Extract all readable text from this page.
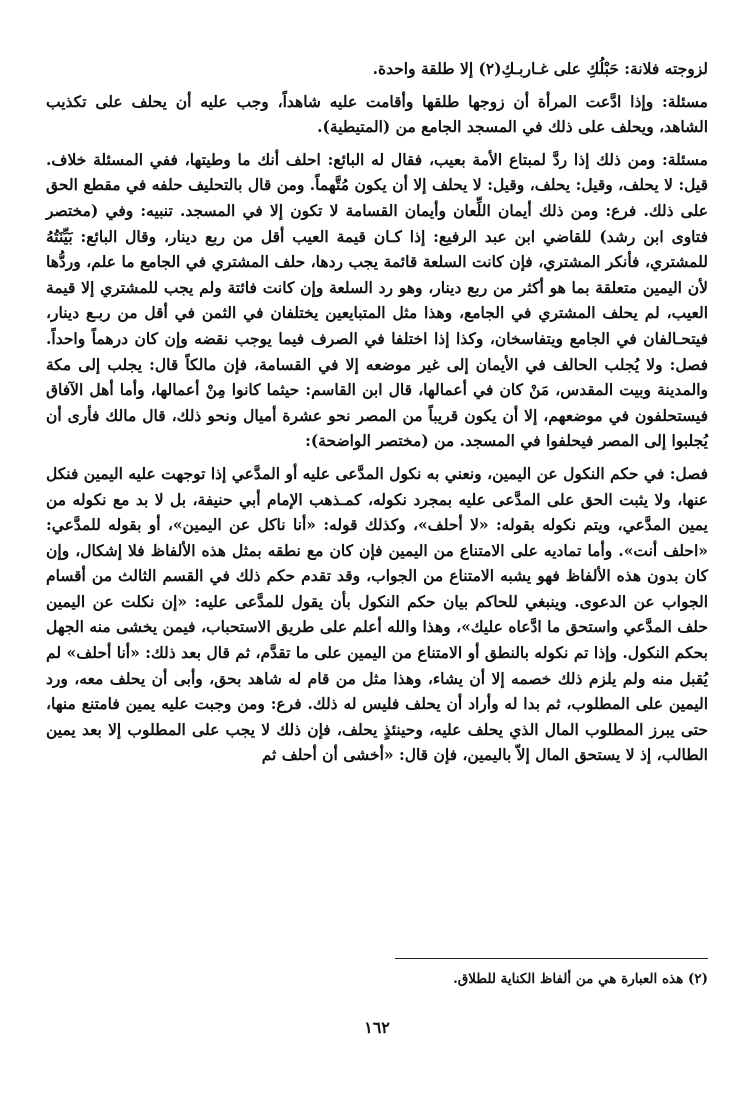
لزوجته فلانة: حَبْلُكِ على غـاربـكِ(٢) إلا طلقة واحدة.

مسئلة: وإذا ادَّعت المرأة أن زوجها طلقها وأقامت عليه شاهداً، وجب عليه أن يحلف على تكذيب الشاهد، ويحلف على ذلك في المسجد الجامع من (المتيطية).

مسئلة: ومن ذلك إذا ردَّ لمبتاع الأمة بعيب، فقال له البائع: احلف أنك ما وطيتها، ففي المسئلة خلاف. قيل: لا يحلف، وقيل: يحلف، وقيل: لا يحلف إلا أن يكون مُتَّهماً. ومن قال بالتحليف حلفه في مقطع الحق على ذلك. فرع: ومن ذلك أيمان اللِّعان وأيمان القسامة لا تكون إلا في المسجد. تنبيه: وفي (مختصر فتاوى ابن رشد) للقاضي ابن عبد الرفيع: إذا كـان قيمة العيب أقل من ربع دينار، وقال البائع: بَيِّنَتُهُ للمشتري، فأنكر المشتري، فإن كانت السلعة قائمة يجب ردها، حلف المشتري في الجامع ما علم، وردُّها لأن اليمين متعلقة بما هو أكثر من ربع دينار، وهو رد السلعة وإن كانت فائتة ولم يجب للمشتري إلا قيمة العيب، لم يحلف المشتري في الجامع، وهذا مثل المتبايعين يختلفان في الثمن في أقل من ربـع دينار، فيتحـالفان في الجامع ويتفاسخان، وكذا إذا اختلفا في الصرف فيما يوجب نقضه وإن كان درهماً واحداً. فصل: ولا يُجلب الحالف في الأيمان إلى غير موضعه إلا في القسامة، فإن مالكاً قال: يجلب إلى مكة والمدينة وبيت المقدس، مَنْ كان في أعمالها، قال ابن القاسم: حيثما كانوا مِنْ أعمالها، وأما أهل الآفاق فيستحلفون في موضعهم، إلا أن يكون قريباً من المصر نحو عشرة أميال ونحو ذلك، قال مالك فأرى أن يُجلبوا إلى المصر فيحلفوا في المسجد. من (مختصر الواضحة):

فصل: في حكم النكول عن اليمين، ونعني به نكول المدَّعى عليه أو المدَّعي إذا توجهت عليه اليمين فنكل عنها، ولا يثبت الحق على المدَّعى عليه بمجرد نكوله، كمـذهب الإمام أبي حنيفة، بل لا بد مع نكوله من يمين المدَّعي، ويتم نكوله بقوله: «لا أحلف»، وكذلك قوله: «أنا ناكل عن اليمين»، أو بقوله للمدَّعي: «احلف أنت». وأما تماديه على الامتناع من اليمين فإن كان مع نطقه بمثل هذه الألفاظ فلا إشكال، وإن كان بدون هذه الألفاظ فهو يشبه الامتناع من الجواب، وقد تقدم حكم ذلك في القسم الثالث من أقسام الجواب عن الدعوى. وينبغي للحاكم بيان حكم النكول بأن يقول للمدَّعى عليه: «إن نكلت عن اليمين حلف المدَّعي واستحق ما ادَّعاه عليك»، وهذا والله أعلم على طريق الاستحباب، فيمن يخشى منه الجهل بحكم النكول. وإذا تم نكوله بالنطق أو الامتناع من اليمين على ما تقدَّم، ثم قال بعد ذلك: «أنا أحلف» لم يُقبل منه ولم يلزم ذلك خصمه إلا أن يشاء، وهذا مثل من قام له شاهد بحق، وأبى أن يحلف معه، ورد اليمين على المطلوب، ثم بدا له وأراد أن يحلف فليس له ذلك. فرع: ومن وجبت عليه يمين فامتنع منها، حتى يبرز المطلوب المال الذي يحلف عليه، وحينئذٍ يحلف، فإن ذلك لا يجب على المطلوب إلا بعد يمين الطالب، إذ لا يستحق المال إلاّ باليمين، فإن قال: «أخشى أن أحلف ثم

(٢) هذه العبارة هي من ألفاظ الكناية للطلاق.
١٦٢
